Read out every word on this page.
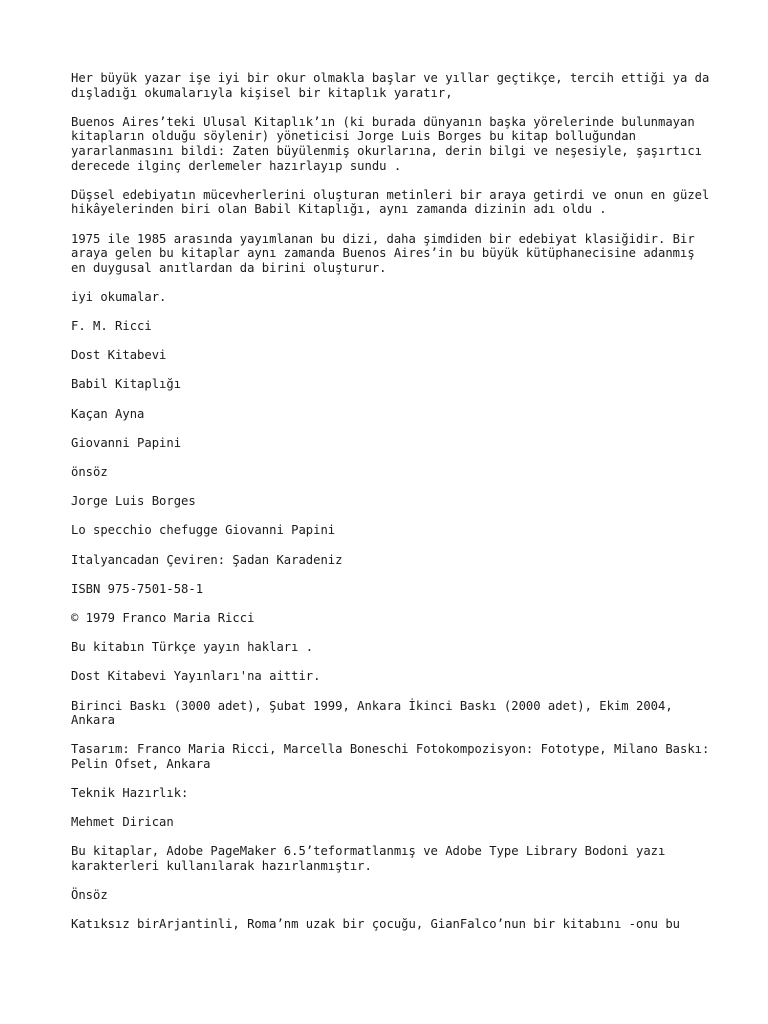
Her büyük yazar işe iyi bir okur olmakla başlar ve yıllar geçtikçe, tercih ettiği ya da dışladığı okumalarıyla kişisel bir kitaplık yaratır,

Buenos Aires’teki Ulusal Kitaplık’ın (ki burada dünyanın başka yörelerinde bulunmayan kitapların olduğu söylenir) yöneticisi Jorge Luis Borges bu kitap bolluğundan yararlanmasını bildi: Zaten büyülenmiş okurlarına, derin bilgi ve neşesiyle, şaşırtıcı derecede ilginç derlemeler hazırlayıp sundu .

Düşsel edebiyatın mücevherlerini oluşturan metinleri bir araya getirdi ve onun en güzel hikâyelerinden biri olan Babil Kitaplığı, aynı zamanda dizinin adı oldu .

1975 ile 1985 arasında yayımlanan bu dizi, daha şimdiden bir edebiyat klasiğidir. Bir araya gelen bu kitaplar aynı zamanda Buenos Aires’in bu büyük kütüphanecisine adanmış en duygusal anıtlardan da birini oluşturur.

iyi okumalar.

F. M. Ricci

Dost Kitabevi

Babil Kitaplığı

Kaçan Ayna

Giovanni Papini

önsöz

Jorge Luis Borges

Lo specchio chefugge Giovanni Papini

Italyancadan Çeviren: Şadan Karadeniz

ISBN 975-7501-58-1

© 1979 Franco Maria Ricci

Bu kitabın Türkçe yayın hakları .

Dost Kitabevi Yayınları'na aittir.

Birinci Baskı (3000 adet), Şubat 1999, Ankara İkinci Baskı (2000 adet), Ekim 2004, Ankara

Tasarım: Franco Maria Ricci, Marcella Boneschi Fotokompozisyon: Fototype, Milano Baskı: Pelin Ofset, Ankara

Teknik Hazırlık:

Mehmet Dirican

Bu kitaplar, Adobe PageMaker 6.5’teformatlanmış ve Adobe Type Library Bodoni yazı karakterleri kullanılarak hazırlanmıştır.

Önsöz

Katıksız birArjantinli, Roma’nm uzak bir çocuğu, GianFalco’nun bir kitabını -onu bu
